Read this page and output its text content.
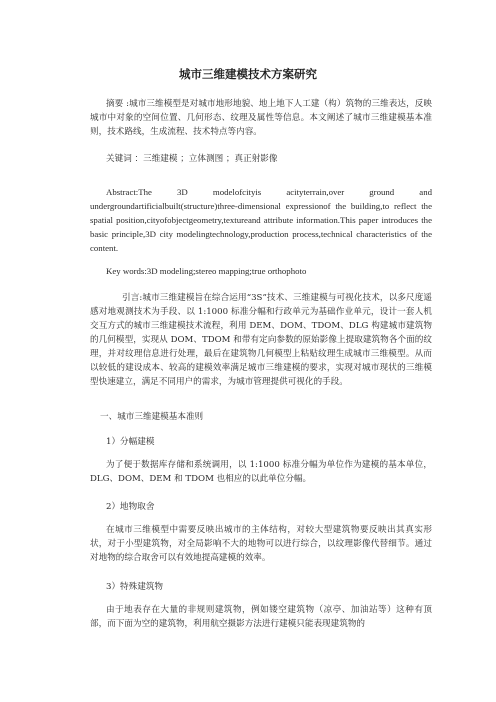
城市三维建模技术方案研究

摘要 :城市三维模型是对城市地形地貌、地上地下人工建（构）筑物的三维表达，反映城市中对象的空间位置、几何形态、纹理及属性等信息。本文阐述了城市三维建模基本准则，技术路线，生成流程、技术特点等内容。

关键词 ：三维建模 ；立体测图 ；真正射影像

Abstract:The 3D modelofcityis acityterrain,over ground and undergroundartificialbuilt(structure)three-dimensional expressionof the building,to reflect the spatial position,cityofobjectgeometry,textureand attribute information.This paper introduces the basic principle,3D city modelingtechnology,production process,technical characteristics of the content.

Key words:3D modeling;stereo mapping;true orthophoto

引言:城市三维建模旨在综合运用“3S”技术、三维建模与可视化技术，以多尺度遥感对地观测技术为手段、以 1:1000 标准分幅和行政单元为基础作业单元，设计一套人机交互方式的城市三维建模技术流程，利用 DEM、DOM、TDOM、DLG 构建城市建筑物的几何模型，实现从 DOM、TDOM 和带有定向参数的原始影像上提取建筑物各个面的纹理，并对纹理信息进行处理，最后在建筑物几何模型上粘贴纹理生成城市三维模型。从而以较低的建设成本、较高的建模效率满足城市三维建模的要求，实现对城市现状的三维模型快速建立，满足不同用户的需求，为城市管理提供可视化的手段。

一、城市三维建模基本准则

1）分幅建模

为了便于数据库存储和系统调用，以 1:1000 标准分幅为单位作为建模的基本单位，DLG、DOM、DEM 和 TDOM 也相应的以此单位分幅。

2）地物取舍

在城市三维模型中需要反映出城市的主体结构，对较大型建筑物要反映出其真实形状，对于小型建筑物，对全局影响不大的地物可以进行综合，以纹理影像代替细节。通过对地物的综合取舍可以有效地提高建模的效率。

3）特殊建筑物

由于地表存在大量的非规则建筑物，例如镂空建筑物（凉亭、加油站等）这种有顶部，而下面为空的建筑物，利用航空摄影方法进行建模只能表现建筑物的
